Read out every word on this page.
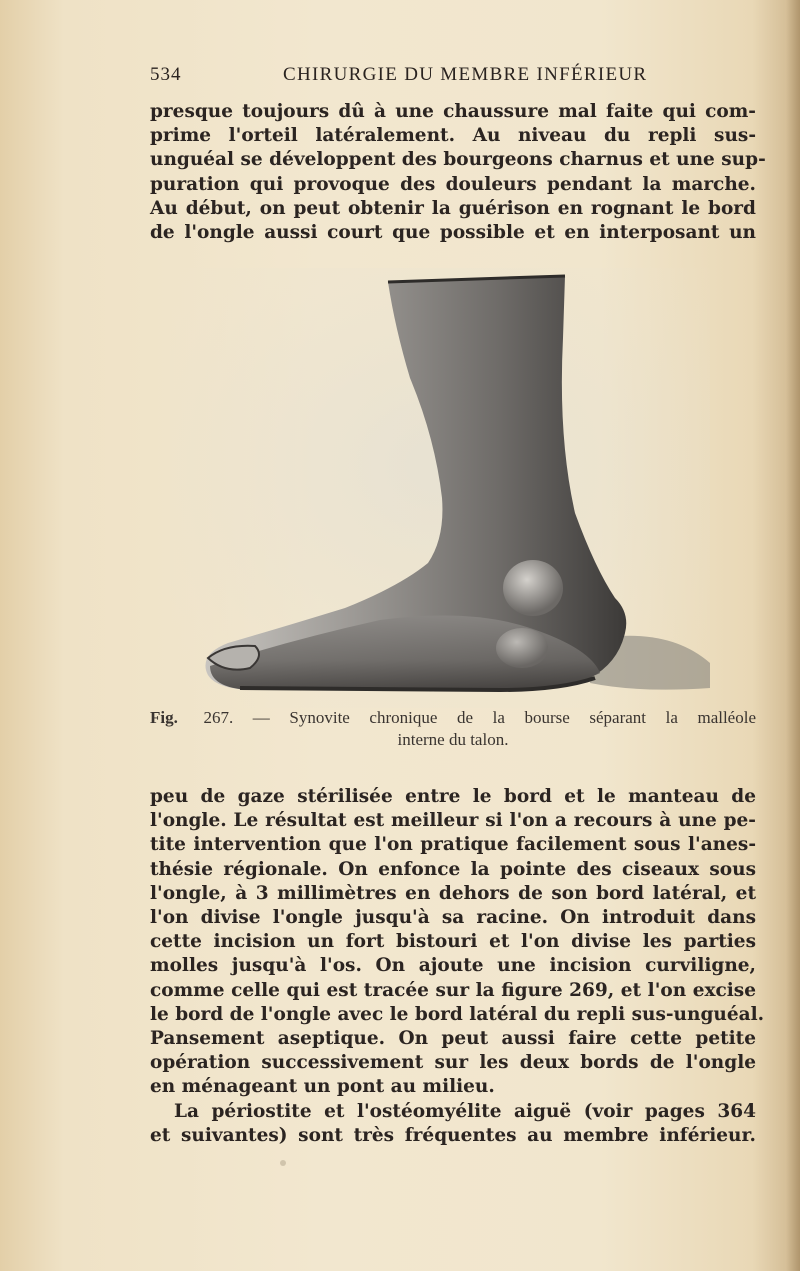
534	CHIRURGIE DU MEMBRE INFÉRIEUR
presque toujours dû à une chaussure mal faite qui com-
prime l'orteil latéralement. Au niveau du repli sus-
unguéal se développent des bourgeons charnus et une sup-
puration qui provoque des douleurs pendant la marche.
Au début, on peut obtenir la guérison en rognant le bord
de l'ongle aussi court que possible et en interposant un
Fig. 267. — Synovite chronique de la bourse séparant la malléole
interne du talon.
peu de gaze stérilisée entre le bord et le manteau de
l'ongle. Le résultat est meilleur si l'on a recours à une pe-
tite intervention que l'on pratique facilement sous l'anes-
thésie régionale. On enfonce la pointe des ciseaux sous
l'ongle, à 3 millimètres en dehors de son bord latéral, et
l'on divise l'ongle jusqu'à sa racine. On introduit dans
cette incision un fort bistouri et l'on divise les parties
molles jusqu'à l'os. On ajoute une incision curviligne,
comme celle qui est tracée sur la figure 269, et l'on excise
le bord de l'ongle avec le bord latéral du repli sus-unguéal.
Pansement aseptique. On peut aussi faire cette petite
opération successivement sur les deux bords de l'ongle
en ménageant un pont au milieu.
La périostite et l'ostéomyélite aiguë (voir pages 364
et suivantes) sont très fréquentes au membre inférieur.
